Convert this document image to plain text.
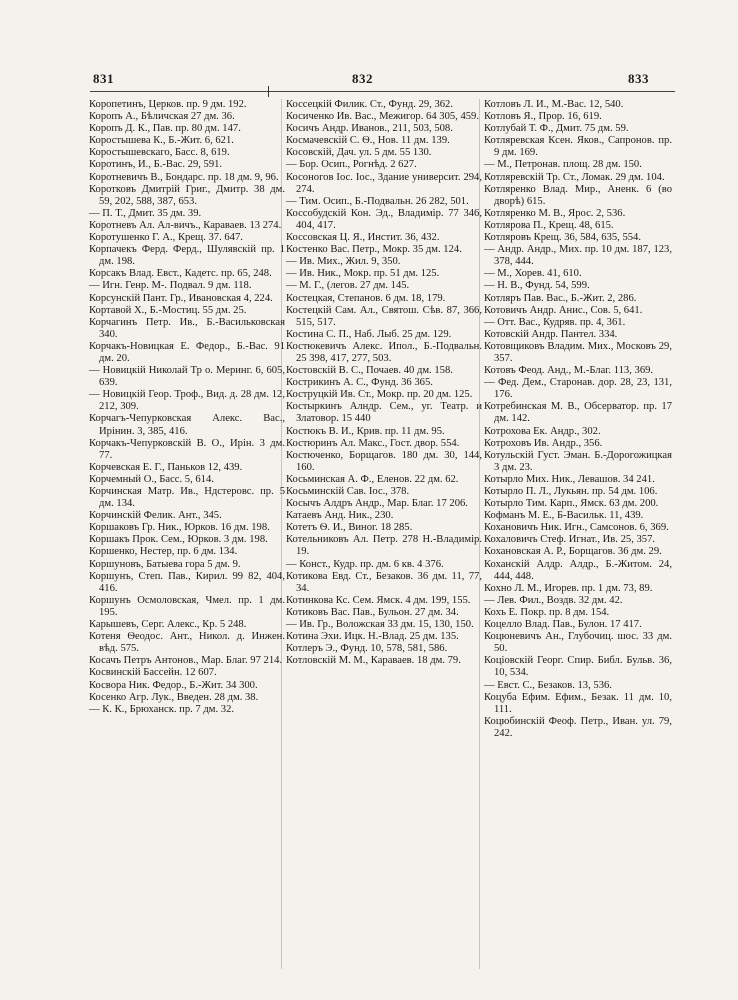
831	832	833

Коропетинъ, Церков. пр. 9 дм. 192.

Коропъ А., Бѣличская 27 дм. 36.

Коропъ Д. К., Пав. пр. 80 дм. 147.

Коростышева К., Б.-Жит. 6, 621.

Коростышевскаго, Басс. 8, 619.

Коротинъ, И., Б.-Вас. 29, 591.

Коротневичъ В., Бондарс. пр. 18 дм. 9, 96.

Коротковъ Дмитрій Григ., Дмитр. 38 дм. 59, 202, 588, 387, 653.

— П. Т., Дмит. 35 дм. 39.

Коротневъ Ал. Ал-вичъ., Караваев. 13 274.

Коротушенко Г. А., Крещ. 37. 647.

Корпачекъ Ферд. Ферд., Шулявскій пр. 1 дм. 198.

Корсакъ Влад. Евст., Кадетс. пр. 65, 248.

— Игн. Генр. М-. Подвал. 9 дм. 118.

Корсунскій Пант. Гр., Ивановская 4, 224.

Кортавой Х., Б.-Мостиц. 55 дм. 25.

Корчагинъ Петр. Ив., Б.-Васильковская 340.

Корчакъ-Новицкая Е. Федор., Б.-Вас. 91 дм. 20.

— Новицкій Николай Тр о. Меринг. 6, 605, 639.

— Новицкій Геор. Троф., Вид. д. 28 дм. 12, 212, 309.

Корчагъ-Чепурковская Алекс. Вас., Ирінин. 3, 385, 416.

Корчакъ-Чепурковскій В. О., Ирін. 3 дм. 77.

Корчевская Е. Г., Паньков 12, 439.

Корчемный О., Басс. 5, 614.

Корчинская Матр. Ив., Ндстеровс. пр. 5 дм. 134.

Корчинскій Фелик. Ант., 345.

Коршаковъ Гр. Ник., Юрков. 16 дм. 198.

Коршакъ Прок. Сем., Юрков. 3 дм. 198.

Коршенко, Нестер, пр. 6 дм. 134.

Коршуновъ, Батыева гора 5 дм. 9.

Коршунъ, Степ. Пав., Кирил. 99 82, 404, 416.

Коршунъ Осмоловская, Чмел. пр. 1 дм. 195.

Карышевъ, Серг. Алекс., Кр. 5 248.

Котеня Ѳеодос. Ант., Никол. д. Инжен. вѣд. 575.

Косачъ Петръ Антонов., Мар. Благ. 97 214.

Косвинскій Бассейн. 12 607.

Косвора Ник. Федор., Б.-Жит. 34 300.

Косенко Агр. Лук., Введен. 28 дм. 38.

— К. К., Брюханск. пр. 7 дм. 32.

Коссецкій Филик. Ст., Фунд. 29, 362.

Косиченко Ив. Вас., Межигор. 64 305, 459.

Косичъ Андр. Иванов., 211, 503, 508.

Космачевскій С. Ѳ., Нов. 11 дм. 139.

Косовскій, Дач. ул. 5 дм. 55 130.

— Бор. Осип., Рогнѣд. 2 627.

Косоногов Іос. Іос., Здание университ. 294, 274.

— Тим. Осип., Б.-Подвальн. 26 282, 501.

Коссобудскій Кон. Эд., Владимір. 77 346, 404, 417.

Коссовская Ц. Я., Инстит. 36, 432.

Костенко Вас. Петр., Мокр. 35 дм. 124.

— Ив. Мих., Жил. 9, 350.

— Ив. Ник., Мокр. пр. 51 дм. 125.

— М. Г., (легов. 27 дм. 145.

Костецкая, Степанов. 6 дм. 18, 179.

Костецкій Сам. Ал., Святош. Сѣв. 87, 366, 515, 517.

Костина С. П., Наб. Лыб. 25 дм. 129.

Костюкевичъ Алекс. Ипол., Б.-Подвальн. 25 398, 417, 277, 503.

Костовскій В. С., Почаев. 40 дм. 158.

Кострикинъ А. С., Фунд. 36 365.

Коструцкій Ив. Ст., Мокр. пр. 20 дм. 125.

Костыркинъ Алндр. Сем., уг. Театр. и Златовор. 15 440

Костюкъ В. И., Крив. пр. 11 дм. 95.

Костюринъ Ал. Макс., Гост. двор. 554.

Костюченко, Борщагов. 180 дм. 30, 144, 160.

Косьминская А. Ф., Еленов. 22 дм. 62.

Косьминскій Сав. Іос., 378.

Косычъ Алдръ Андр., Мар. Благ. 17 206.

Катаевъ Анд. Ник., 230.

Котетъ Ѳ. И., Виног. 18 285.

Котельниковъ Ал. Петр. 278 Н.-Владимір. 19.

— Конст., Кудр. пр. дм. 6 кв. 4 376.

Котикова Евд. Ст., Безаков. 36 дм. 11, 77, 34.

Котинкова Кс. Сем. Ямск. 4 дм. 199, 155.

Котиковъ Вас. Пав., Бульон. 27 дм. 34.

— Ив. Гр., Воложская 33 дм. 15, 130, 150.

Котина Эхи. Ицк. Н.-Влад. 25 дм. 135.

Котлеръ Э., Фунд. 10, 578, 581, 586.

Котловскій М. М., Караваев. 18 дм. 79.

Котловъ Л. И., М.-Вас. 12, 540.

Котловъ Я., Прор. 16, 619.

Котлубай Т. Ф., Дмит. 75 дм. 59.

Котляревская Ксен. Яков., Сапронов. пр. 9 дм. 169.

— М., Петронав. площ. 28 дм. 150.

Котляревскій Тр. Ст., Ломак. 29 дм. 104.

Котляренко Влад. Мир., Аненк. 6 (во дворѣ) 615.

Котляренко М. В., Ярос. 2, 536.

Котлярова П., Крещ. 48, 615.

Котляровъ Крещ. 36, 584, 635, 554.

— Андр. Андр., Мих. пр. 10 дм. 187, 123, 378, 444.

— М., Хорев. 41, 610.

— Н. В., Фунд. 54, 599.

Котляръ Пав. Вас., Б.-Жит. 2, 286.

Котовичъ Андр. Анис., Сов. 5, 641.

— Отт. Вас., Кудряв. пр. 4, 361.

Котовскій Андр. Пантел. 334.

Котовщиковъ Владим. Мих., Московъ 29, 357.

Котовъ Феод. Анд., М.-Благ. 113, 369.

— Фед. Дем., Старонав. дор. 28, 23, 131, 176.

Котребинская М. В., Обсерватор. пр. 17 дм. 142.

Котрохова Ек. Андр., 302.

Котроховъ Ив. Андр., 356.

Котульскій Густ. Эман. Б.-Дорогожицкая 3 дм. 23.

Котырло Мих. Ник., Левашов. 34 241.

Котырло П. Л., Лукьян. пр. 54 дм. 106.

Котырло Тим. Карп., Ямск. 63 дм. 200.

Кофманъ М. Е., Б-Васильк. 11, 439.

Кохановичъ Ник. Игн., Самсонов. 6, 369.

Кохаловичъ Стеф. Игнат., Ив. 25, 357.

Кохановская А. Р., Борщагов. 36 дм. 29.

Коханскій Алдр. Алдр., Б.-Житом. 24, 444, 448.

Кохно Л. М., Игорев. пр. 1 дм. 73, 89.

— Лев. Фил., Воздв. 32 дм. 42.

Кохъ Е. Покр. пр. 8 дм. 154.

Коцелло Влад. Пав., Булон. 17 417.

Коцюневичъ Ан., Глубочиц. шос. 33 дм. 50.

Коціовскій Георг. Спир. Библ. Бульв. 36, 10, 534.

— Евст. С., Безаков. 13, 536.

Коцуба Ефим. Ефим., Безак. 11 дм. 10, 111.

Коцюбинскій Феоф. Петр., Иван. ул. 79, 242.
